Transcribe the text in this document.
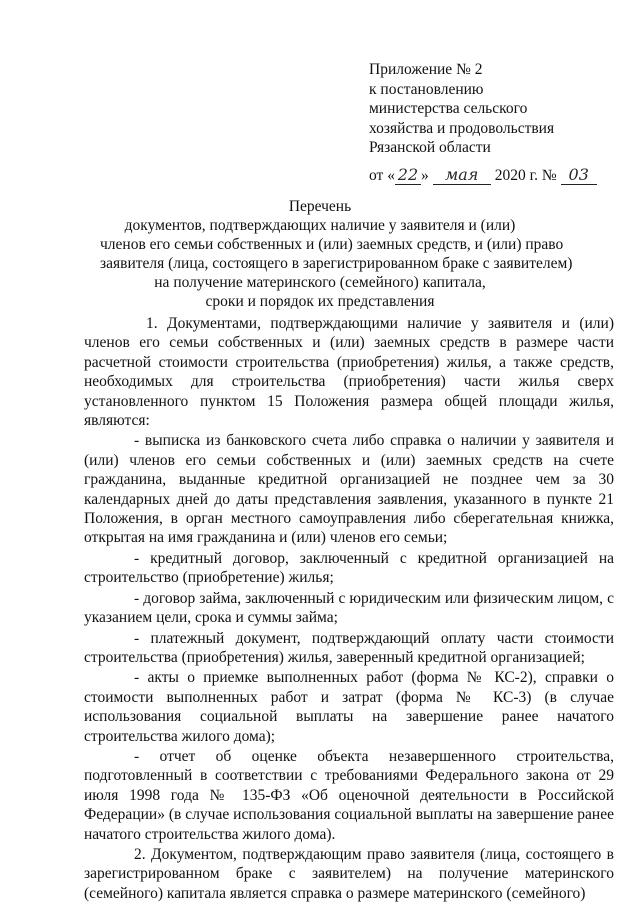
Приложение № 2
к постановлению
министерства сельского
хозяйства и продовольствия
Рязанской области
от « 22 »	мая	2020 г. № 03
Перечень
документов, подтверждающих наличие у заявителя и (или)
членов его семьи собственных и (или) заемных средств, и (или) право
заявителя (лица, состоящего в зарегистрированном браке с заявителем)
на получение материнского (семейного) капитала,
сроки и порядок их представления
1. Документами, подтверждающими наличие у заявителя и (или) членов его семьи собственных и (или) заемных средств в размере части расчетной стоимости строительства (приобретения) жилья, а также средств, необходимых для строительства (приобретения) части жилья сверх установленного пунктом 15 Положения размера общей площади жилья, являются:
- выписка из банковского счета либо справка о наличии у заявителя и (или) членов его семьи собственных и (или) заемных средств на счете гражданина, выданные кредитной организацией не позднее чем за 30 календарных дней до даты представления заявления, указанного в пункте 21 Положения, в орган местного самоуправления либо сберегательная книжка, открытая на имя гражданина и (или) членов его семьи;
- кредитный договор, заключенный с кредитной организацией на строительство (приобретение) жилья;
- договор займа, заключенный с юридическим или физическим лицом, с указанием цели, срока и суммы займа;
- платежный документ, подтверждающий оплату части стоимости строительства (приобретения) жилья, заверенный кредитной организацией;
- акты о приемке выполненных работ (форма № КС-2), справки о стоимости выполненных работ и затрат (форма № КС-3) (в случае использования социальной выплаты на завершение ранее начатого строительства жилого дома);
- отчет об оценке объекта незавершенного строительства, подготовленный в соответствии с требованиями Федерального закона от 29 июля 1998 года № 135-ФЗ «Об оценочной деятельности в Российской Федерации» (в случае использования социальной выплаты на завершение ранее начатого строительства жилого дома).
2. Документом, подтверждающим право заявителя (лица, состоящего в зарегистрированном браке с заявителем) на получение материнского (семейного) капитала является справка о размере материнского (семейного)
